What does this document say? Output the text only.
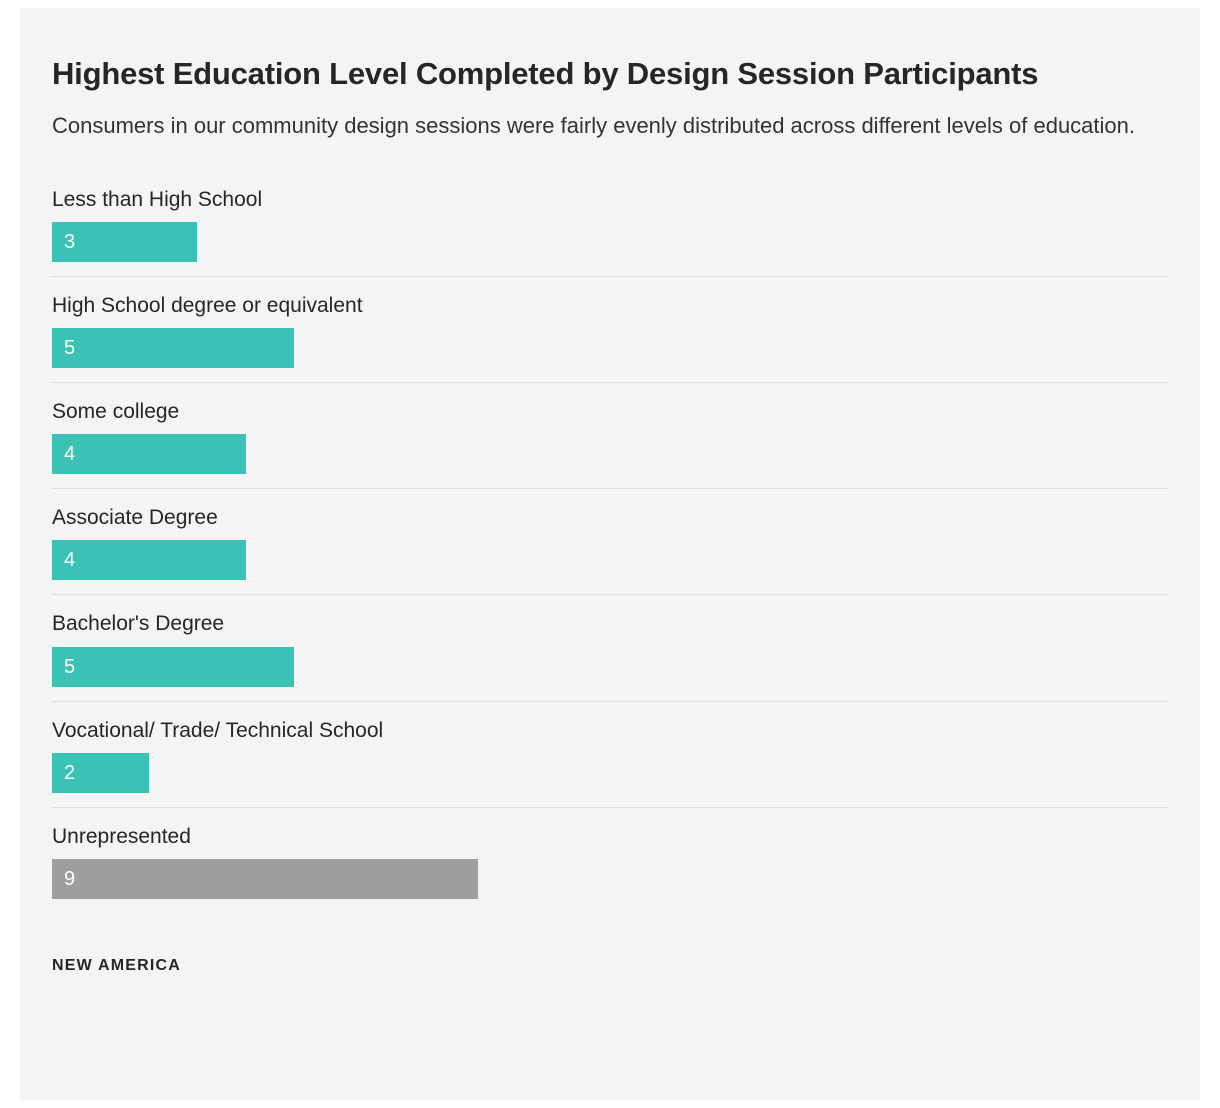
Highest Education Level Completed by Design Session Participants

Consumers in our community design sessions were fairly evenly distributed across different levels of education.

Less than High School
3
High School degree or equivalent
5
Some college
4
Associate Degree
4
Bachelor's Degree
5
Vocational/ Trade/ Technical School
2
Unrepresented
9
NEW AMERICA
